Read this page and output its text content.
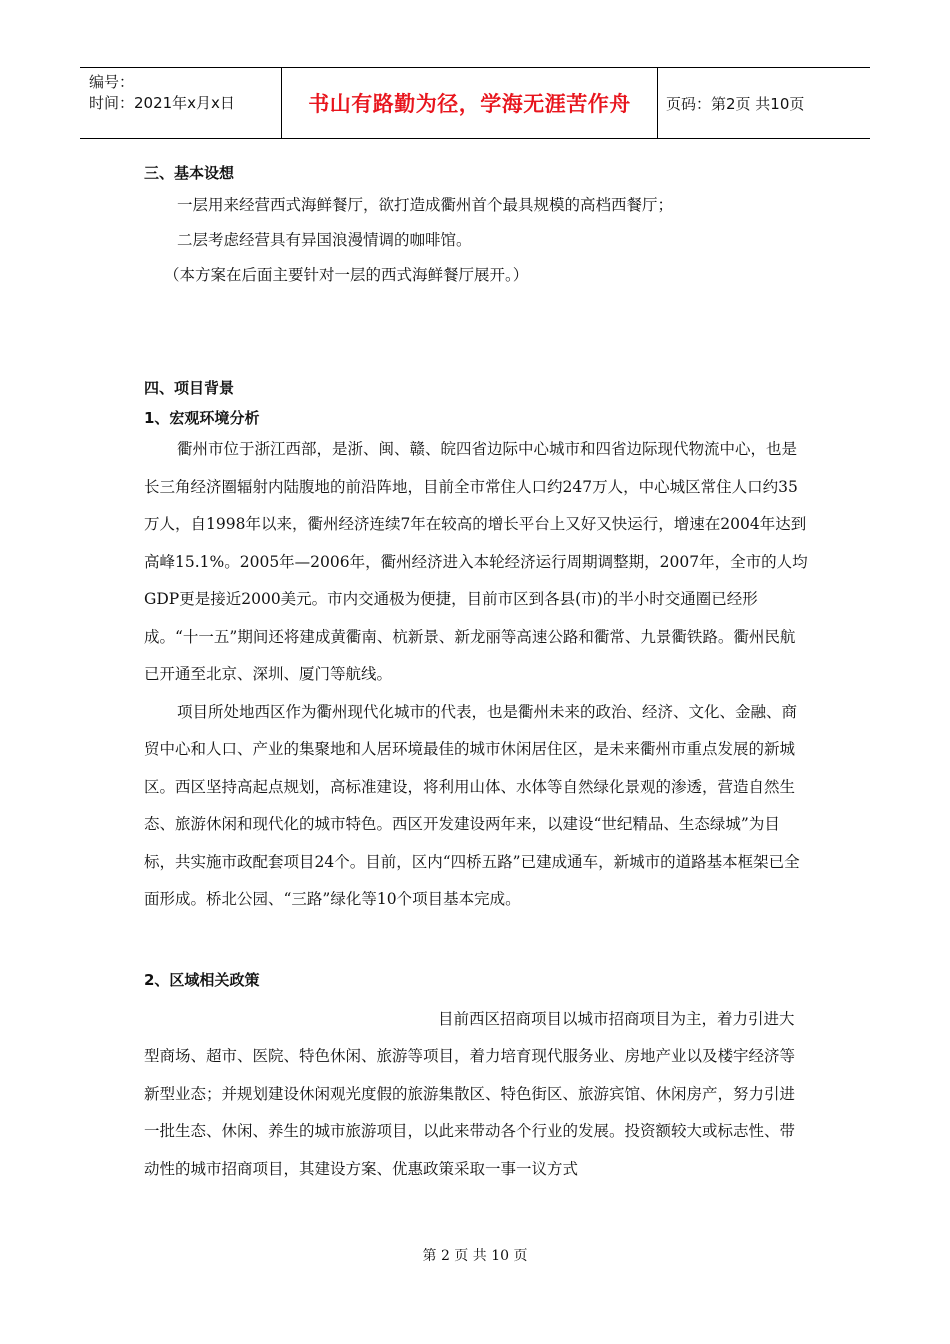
编号：
时间：2021年x月x日	书山有路勤为径，学海无涯苦作舟	页码：第2页 共10页
三、基本设想

一层用来经营西式海鲜餐厅，欲打造成衢州首个最具规模的高档西餐厅；

二层考虑经营具有异国浪漫情调的咖啡馆。

（本方案在后面主要针对一层的西式海鲜餐厅展开。）

四、项目背景
1、宏观环境分析

衢州市位于浙江西部，是浙、闽、赣、皖四省边际中心城市和四省边际现代物流中心，也是长三角经济圈辐射内陆腹地的前沿阵地，目前全市常住人口约247万人，中心城区常住人口约35万人，自1998年以来，衢州经济连续7年在较高的增长平台上又好又快运行，增速在2004年达到高峰15.1%。2005年—2006年，衢州经济进入本轮经济运行周期调整期，2007年，全市的人均GDP更是接近2000美元。市内交通极为便捷，目前市区到各县(市)的半小时交通圈已经形成。“十一五”期间还将建成黄衢南、杭新景、新龙丽等高速公路和衢常、九景衢铁路。衢州民航已开通至北京、深圳、厦门等航线。

项目所处地西区作为衢州现代化城市的代表，也是衢州未来的政治、经济、文化、金融、商贸中心和人口、产业的集聚地和人居环境最佳的城市休闲居住区，是未来衢州市重点发展的新城区。西区坚持高起点规划，高标准建设，将利用山体、水体等自然绿化景观的渗透，营造自然生态、旅游休闲和现代化的城市特色。西区开发建设两年来，以建设“世纪精品、生态绿城”为目标，共实施市政配套项目24个。目前，区内“四桥五路”已建成通车，新城市的道路基本框架已全面形成。桥北公园、“三路”绿化等10个项目基本完成。

2、区域相关政策

目前西区招商项目以城市招商项目为主，着力引进大型商场、超市、医院、特色休闲、旅游等项目，着力培育现代服务业、房地产业以及楼宇经济等新型业态；并规划建设休闲观光度假的旅游集散区、特色街区、旅游宾馆、休闲房产，努力引进一批生态、休闲、养生的城市旅游项目，以此来带动各个行业的发展。投资额较大或标志性、带动性的城市招商项目，其建设方案、优惠政策采取一事一议方式

第 2 页 共 10 页
